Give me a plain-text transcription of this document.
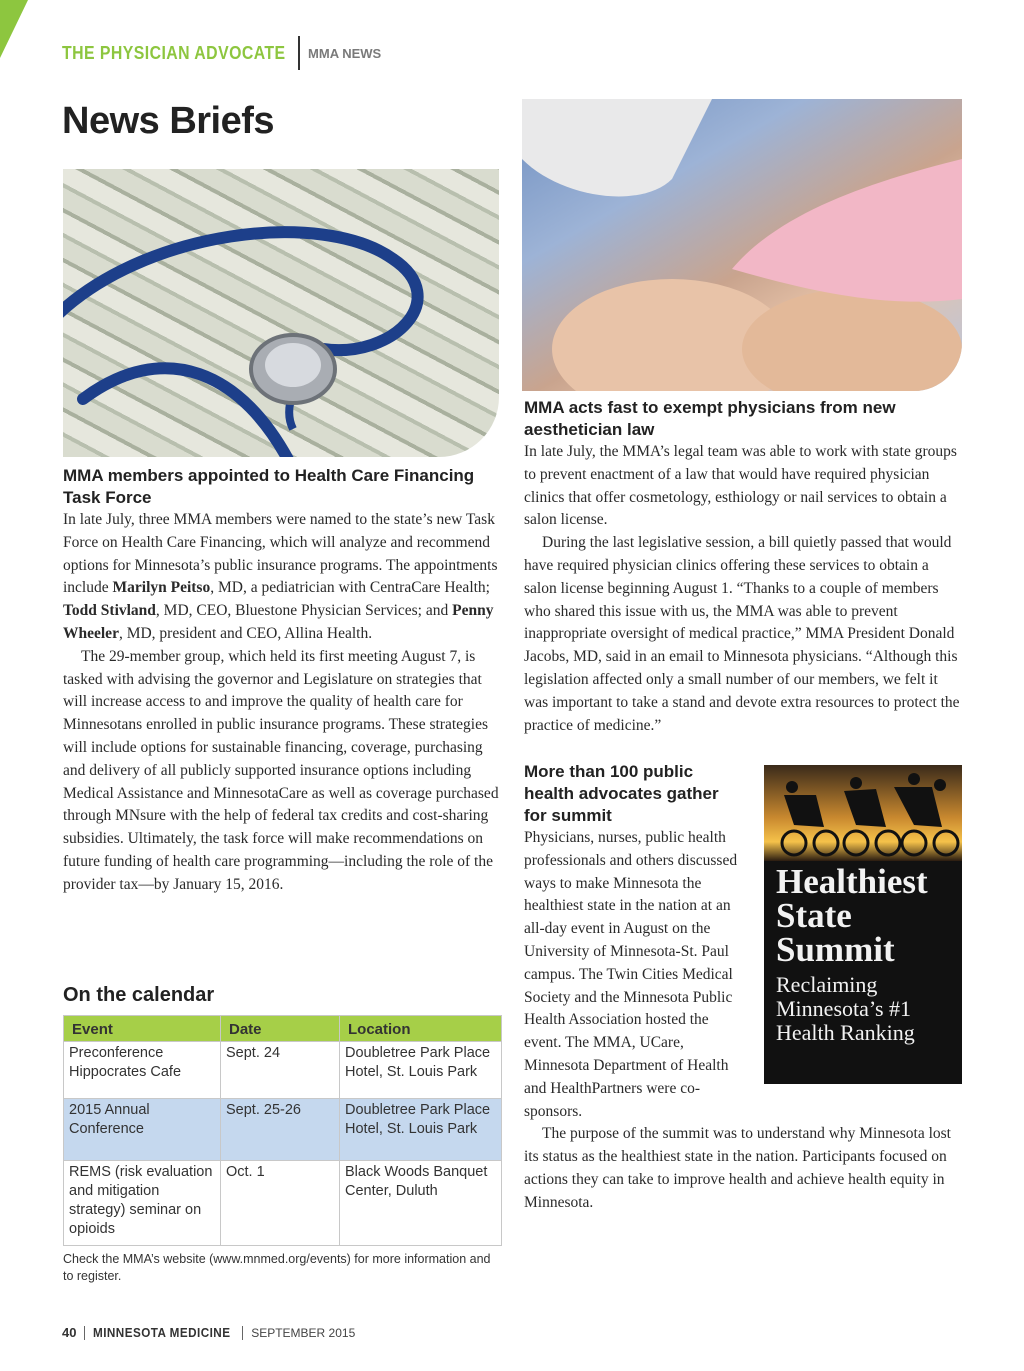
THE PHYSICIAN ADVOCATE MMA NEWS
News Briefs
Healthiest State Summit
Reclaiming Minnesota’s #1 Health Ranking
MMA members appointed to Health Care Financing Task Force

In late July, three MMA members were named to the state’s new Task Force on Health Care Financing, which will analyze and recommend options for Minnesota’s public insurance programs. The appointments include Marilyn Peitso, MD, a pediatrician with CentraCare Health; Todd Stivland, MD, CEO, Bluestone Physician Services; and Penny Wheeler, MD, president and CEO, Allina Health.

The 29-member group, which held its first meeting August 7, is tasked with advising the governor and Legislature on strategies that will increase access to and improve the quality of health care for Minnesotans enrolled in public insurance programs. These strategies will include options for sustainable financing, coverage, purchasing and delivery of all publicly supported insurance options including Medical Assistance and MinnesotaCare as well as coverage purchased through MNsure with the help of federal tax credits and cost-sharing subsidies. Ultimately, the task force will make recommendations on future funding of health care programming—including the role of the provider tax—by January 15, 2016.

MMA acts fast to exempt physicians from new aesthetician law

In late July, the MMA’s legal team was able to work with state groups to prevent enactment of a law that would have required physician clinics that offer cosmetology, esthiology or nail services to obtain a salon license.

During the last legislative session, a bill quietly passed that would have required physician clinics offering these services to obtain a salon license beginning August 1. “Thanks to a couple of members who shared this issue with us, the MMA was able to prevent inappropriate oversight of medical practice,” MMA President Donald Jacobs, MD, said in an email to Minnesota physicians. “Although this legislation affected only a small number of our members, we felt it was important to take a stand and devote extra resources to protect the practice of medicine.”

More than 100 public health advocates gather for summit

Physicians, nurses, public health professionals and others discussed ways to make Minnesota the healthiest state in the nation at an all-day event in August on the University of Minnesota-St. Paul campus. The Twin Cities Medical Society and the Minnesota Public Health Association hosted the event. The MMA, UCare, Minnesota Department of Health and HealthPartners were co-sponsors.

The purpose of the summit was to understand why Minnesota lost its status as the healthiest state in the nation. Participants focused on actions they can take to improve health and achieve health equity in Minnesota.

On the calendar
Event	Date	Location
Preconference Hippocrates Cafe	Sept. 24	Doubletree Park Place Hotel, St. Louis Park
2015 Annual Conference	Sept. 25-26	Doubletree Park Place Hotel, St. Louis Park
REMS (risk evaluation and mitigation strategy) seminar on opioids	Oct. 1	Black Woods Banquet Center, Duluth
Check the MMA’s website (www.mnmed.org/events) for more information and to register.
40 MINNESOTA MEDICINE SEPTEMBER 2015
